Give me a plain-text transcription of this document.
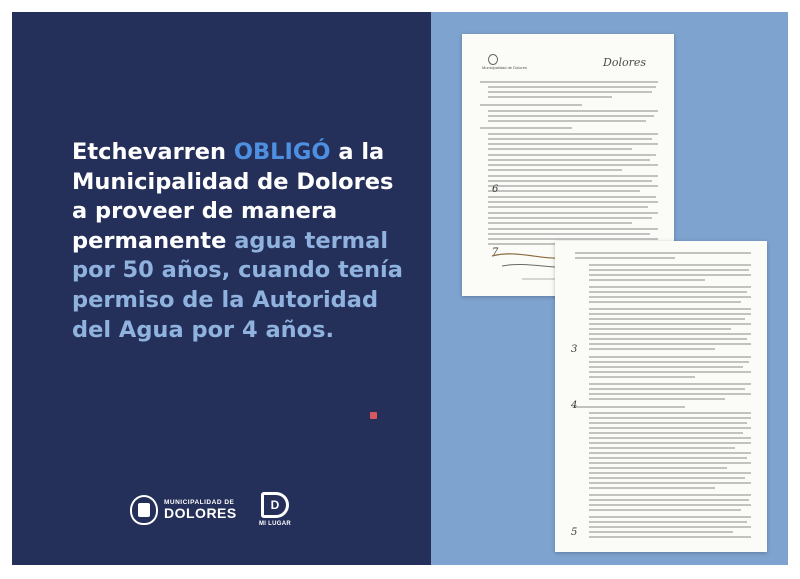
Etchevarren OBLIGÓ a la Municipalidad de Dolores a proveer de manera permanente agua termal por 50 años, cuando tenía permiso de la Autoridad del Agua por 4 años.

MUNICIPALIDAD DE
DOLORES
D
MI LUGAR
Municipalidad de Dolores	Dolores
6
7
3
4
5
